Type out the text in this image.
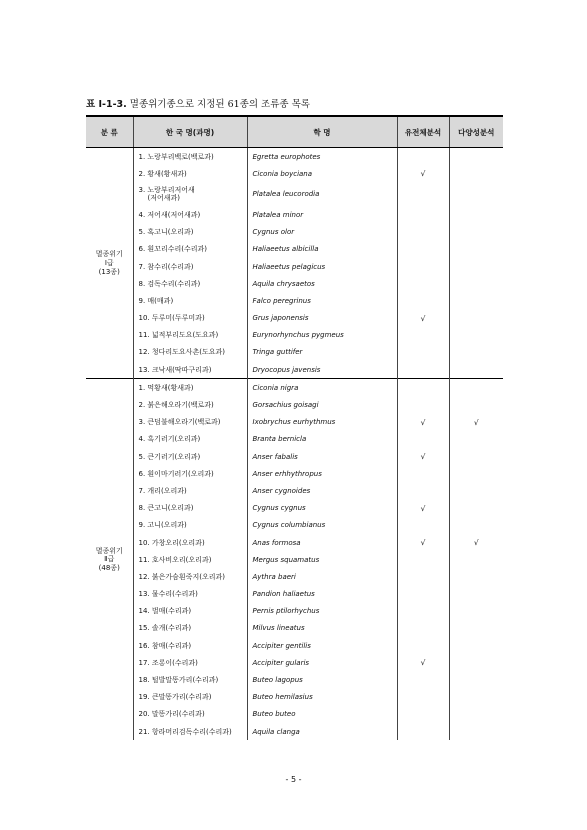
표 Ⅰ-1-3. 멸종위기종으로 지정된 61종의 조류종 목록
분 류	한 국 명(과명)	학 명	유전체분석	다양성분석
멸종위기
Ⅰ급
(13종)	1. 노랑부리백로(백로과)	Egretta europhotes		
	2. 황새(황새과)	Ciconia boyciana	√	
	3. 노랑부리저어새
(저어새과)	Platalea leucorodia		
	4. 저어새(저어새과)	Platalea minor		
	5. 혹고니(오리과)	Cygnus olor		
	6. 흰꼬리수리(수리과)	Haliaeetus albicilla		
	7. 참수리(수리과)	Haliaeetus pelagicus		
	8. 검독수리(수리과)	Aquila chrysaetos		
	9. 매(매과)	Falco peregrinus		
	10. 두루미(두루미과)	Grus japonensis	√	
	11. 넓적부리도요(도요과)	Eurynorhynchus pygmeus		
	12. 청다리도요사촌(도요과)	Tringa guttifer		
	13. 크낙새(딱따구리과)	Dryocopus javensis		
멸종위기
Ⅱ급
(48종)	1. 먹황새(황새과)	Ciconia nigra		
	2. 붉은해오라기(백로과)	Gorsachius goisagi		
	3. 큰덤불해오라기(백로과)	Ixobrychus eurhythmus	√	√
	4. 흑기러기(오리과)	Branta bernicla		
	5. 큰기러기(오리과)	Anser fabalis	√	
	6. 흰이마기러기(오리과)	Anser erhhythropus		
	7. 개리(오리과)	Anser cygnoides		
	8. 큰고니(오리과)	Cygnus cygnus	√	
	9. 고니(오리과)	Cygnus columbianus		
	10. 가창오리(오리과)	Anas formosa	√	√
	11. 호사비오리(오리과)	Mergus squamatus		
	12. 붉은가슴흰죽지(오리과)	Aythra baeri		
	13. 물수리(수리과)	Pandion haliaetus		
	14. 벌매(수리과)	Pernis ptilorhychus		
	15. 솔개(수리과)	Milvus lineatus		
	16. 참매(수리과)	Accipiter gentilis		
	17. 조롱이(수리과)	Accipiter gularis	√	
	18. 털발말똥가리(수리과)	Buteo lagopus		
	19. 큰말똥가리(수리과)	Buteo hemilasius		
	20. 말똥가리(수리과)	Buteo buteo		
	21. 항라머리검독수리(수리과)	Aquila clanga		
- 5 -
